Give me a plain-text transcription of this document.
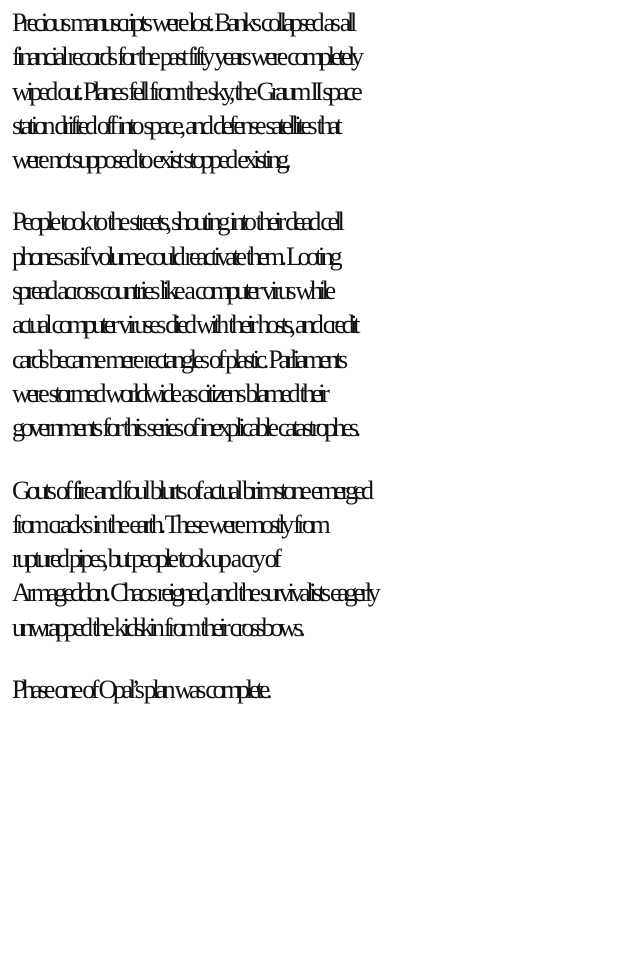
Precious manuscripts were lost. Banks collapsed as all
financial records for the past fifty years were completely
wiped out. Planes fell from the sky, the Graum II space
station drifted off into space, and defense satellites that
were not supposed to exist stopped existing.

People took to the streets, shouting into their dead cell
phones as if volume could reactivate them. Looting
spread across countries like a computer virus while
actual computer viruses died with their hosts, and credit
cards became mere rectangles of plastic. Parliaments
were stormed worldwide as citizens blamed their
governments for this series of inexplicable catastrophes.

Gouts of fire and foul blurts of actual brimstone emerged
from cracks in the earth. These were mostly from
ruptured pipes, but people took up a cry of
Armageddon. Chaos reigned, and the survivalists eagerly
unwrapped the kidskin from their crossbows.

Phase one of Opal’s plan was complete.
